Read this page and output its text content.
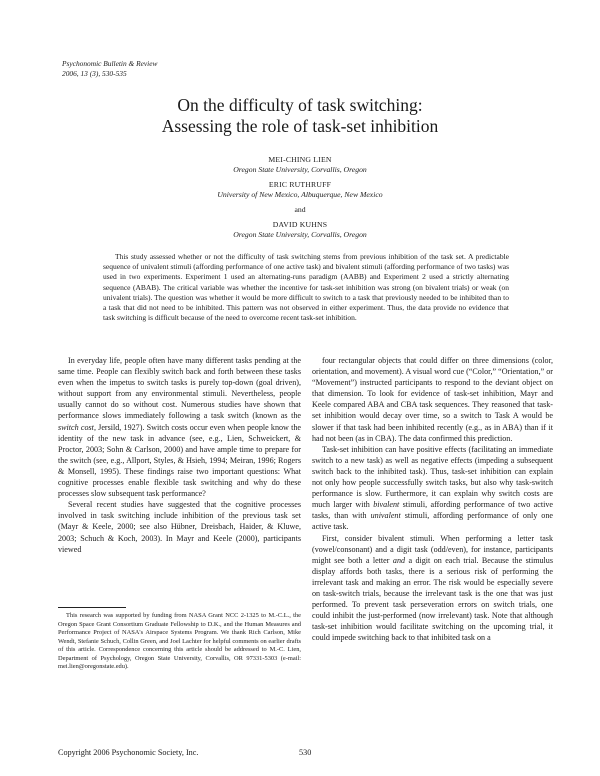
Psychonomic Bulletin & Review
2006, 13 (3), 530-535
On the difficulty of task switching:
Assessing the role of task-set inhibition
MEI-CHING LIEN
Oregon State University, Corvallis, Oregon
ERIC RUTHRUFF
University of New Mexico, Albuquerque, New Mexico
and
DAVID KUHNS
Oregon State University, Corvallis, Oregon
This study assessed whether or not the difficulty of task switching stems from previous inhibition of the task set. A predictable sequence of univalent stimuli (affording performance of one active task) and bivalent stimuli (affording performance of two tasks) was used in two experiments. Experiment 1 used an alternating-runs paradigm (AABB) and Experiment 2 used a strictly alternating sequence (ABAB). The critical variable was whether the incentive for task-set inhibition was strong (on bivalent trials) or weak (on univalent trials). The question was whether it would be more difficult to switch to a task that previously needed to be inhibited than to a task that did not need to be inhibited. This pattern was not observed in either experiment. Thus, the data provide no evidence that task switching is difficult because of the need to overcome recent task-set inhibition.

In everyday life, people often have many different tasks pending at the same time. People can flexibly switch back and forth between these tasks even when the impetus to switch tasks is purely top-down (goal driven), without support from any environmental stimuli. Nevertheless, people usually cannot do so without cost. Numerous studies have shown that performance slows immediately following a task switch (known as the switch cost, Jersild, 1927). Switch costs occur even when people know the identity of the new task in advance (see, e.g., Lien, Schweickert, & Proctor, 2003; Sohn & Carlson, 2000) and have ample time to prepare for the switch (see, e.g., Allport, Styles, & Hsieh, 1994; Meiran, 1996; Rogers & Monsell, 1995). These findings raise two important questions: What cognitive processes enable flexible task switching and why do these processes slow subsequent task performance?

Several recent studies have suggested that the cognitive processes involved in task switching include inhibition of the previous task set (Mayr & Keele, 2000; see also Hübner, Dreisbach, Haider, & Kluwe, 2003; Schuch & Koch, 2003). In Mayr and Keele (2000), participants viewed

four rectangular objects that could differ on three dimensions (color, orientation, and movement). A visual word cue (“Color,” “Orientation,” or “Movement”) instructed participants to respond to the deviant object on that dimension. To look for evidence of task-set inhibition, Mayr and Keele compared ABA and CBA task sequences. They reasoned that task-set inhibition would decay over time, so a switch to Task A would be slower if that task had been inhibited recently (e.g., as in ABA) than if it had not been (as in CBA). The data confirmed this prediction.

Task-set inhibition can have positive effects (facilitating an immediate switch to a new task) as well as negative effects (impeding a subsequent switch back to the inhibited task). Thus, task-set inhibition can explain not only how people successfully switch tasks, but also why task-switch performance is slow. Furthermore, it can explain why switch costs are much larger with bivalent stimuli, affording performance of two active tasks, than with univalent stimuli, affording performance of only one active task.

First, consider bivalent stimuli. When performing a letter task (vowel/consonant) and a digit task (odd/even), for instance, participants might see both a letter and a digit on each trial. Because the stimulus display affords both tasks, there is a serious risk of performing the irrelevant task and making an error. The risk would be especially severe on task-switch trials, because the irrelevant task is the one that was just performed. To prevent task perseveration errors on switch trials, one could inhibit the just-performed (now irrelevant) task. Note that although task-set inhibition would facilitate switching on the upcoming trial, it could impede switching back to that inhibited task on a

This research was supported by funding from NASA Grant NCC 2-1325 to M.-C.L., the Oregon Space Grant Consortium Graduate Fellowship to D.K., and the Human Measures and Performance Project of NASA's Airspace Systems Program. We thank Rich Carlson, Mike Wendt, Stefanie Schuch, Collin Green, and Joel Lachter for helpful comments on earlier drafts of this article. Correspondence concerning this article should be addressed to M.-C. Lien, Department of Psychology, Oregon State University, Corvallis, OR 97331-5303 (e-mail: mei.lien@oregonstate.edu).
Copyright 2006 Psychonomic Society, Inc.	530
